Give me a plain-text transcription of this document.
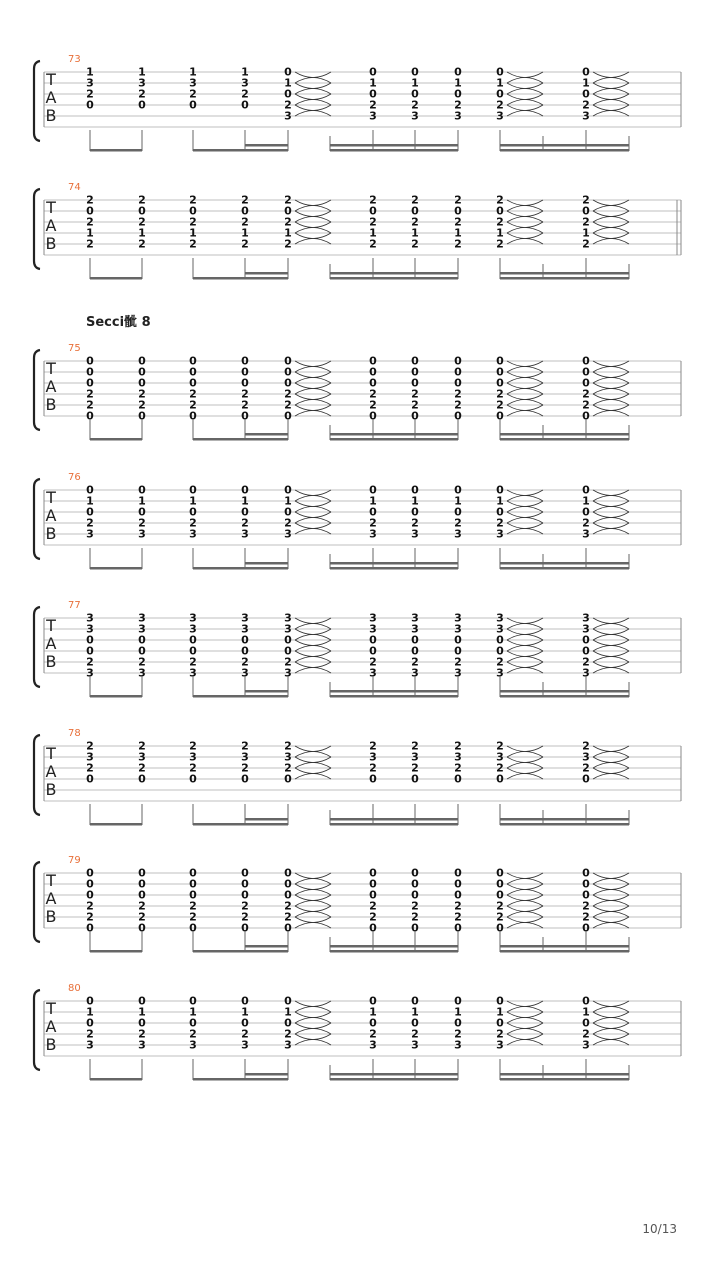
Secci骴 8
73
T
A
B
1
3
2
0
1
3
2
0
1
3
2
0
1
3
2
0
0
1
0
2
3
0
1
0
2
3
0
1
0
2
3
0
1
0
2
3
0
1
0
2
3
0
1
0
2
3
74
T
A
B
2
0
2
1
2
2
0
2
1
2
2
0
2
1
2
2
0
2
1
2
2
0
2
1
2
2
0
2
1
2
2
0
2
1
2
2
0
2
1
2
2
0
2
1
2
2
0
2
1
2
75
T
A
B
0
0
0
2
2
0
0
0
0
2
2
0
0
0
0
2
2
0
0
0
0
2
2
0
0
0
0
2
2
0
0
0
0
2
2
0
0
0
0
2
2
0
0
0
0
2
2
0
0
0
0
2
2
0
0
0
0
2
2
0
76
T
A
B
0
1
0
2
3
0
1
0
2
3
0
1
0
2
3
0
1
0
2
3
0
1
0
2
3
0
1
0
2
3
0
1
0
2
3
0
1
0
2
3
0
1
0
2
3
0
1
0
2
3
77
T
A
B
3
3
0
0
2
3
3
3
0
0
2
3
3
3
0
0
2
3
3
3
0
0
2
3
3
3
0
0
2
3
3
3
0
0
2
3
3
3
0
0
2
3
3
3
0
0
2
3
3
3
0
0
2
3
3
3
0
0
2
3
78
T
A
B
2
3
2
0
2
3
2
0
2
3
2
0
2
3
2
0
2
3
2
0
2
3
2
0
2
3
2
0
2
3
2
0
2
3
2
0
2
3
2
0
79
T
A
B
0
0
0
2
2
0
0
0
0
2
2
0
0
0
0
2
2
0
0
0
0
2
2
0
0
0
0
2
2
0
0
0
0
2
2
0
0
0
0
2
2
0
0
0
0
2
2
0
0
0
0
2
2
0
0
0
0
2
2
0
80
T
A
B
0
1
0
2
3
0
1
0
2
3
0
1
0
2
3
0
1
0
2
3
0
1
0
2
3
0
1
0
2
3
0
1
0
2
3
0
1
0
2
3
0
1
0
2
3
0
1
0
2
3
10/13
